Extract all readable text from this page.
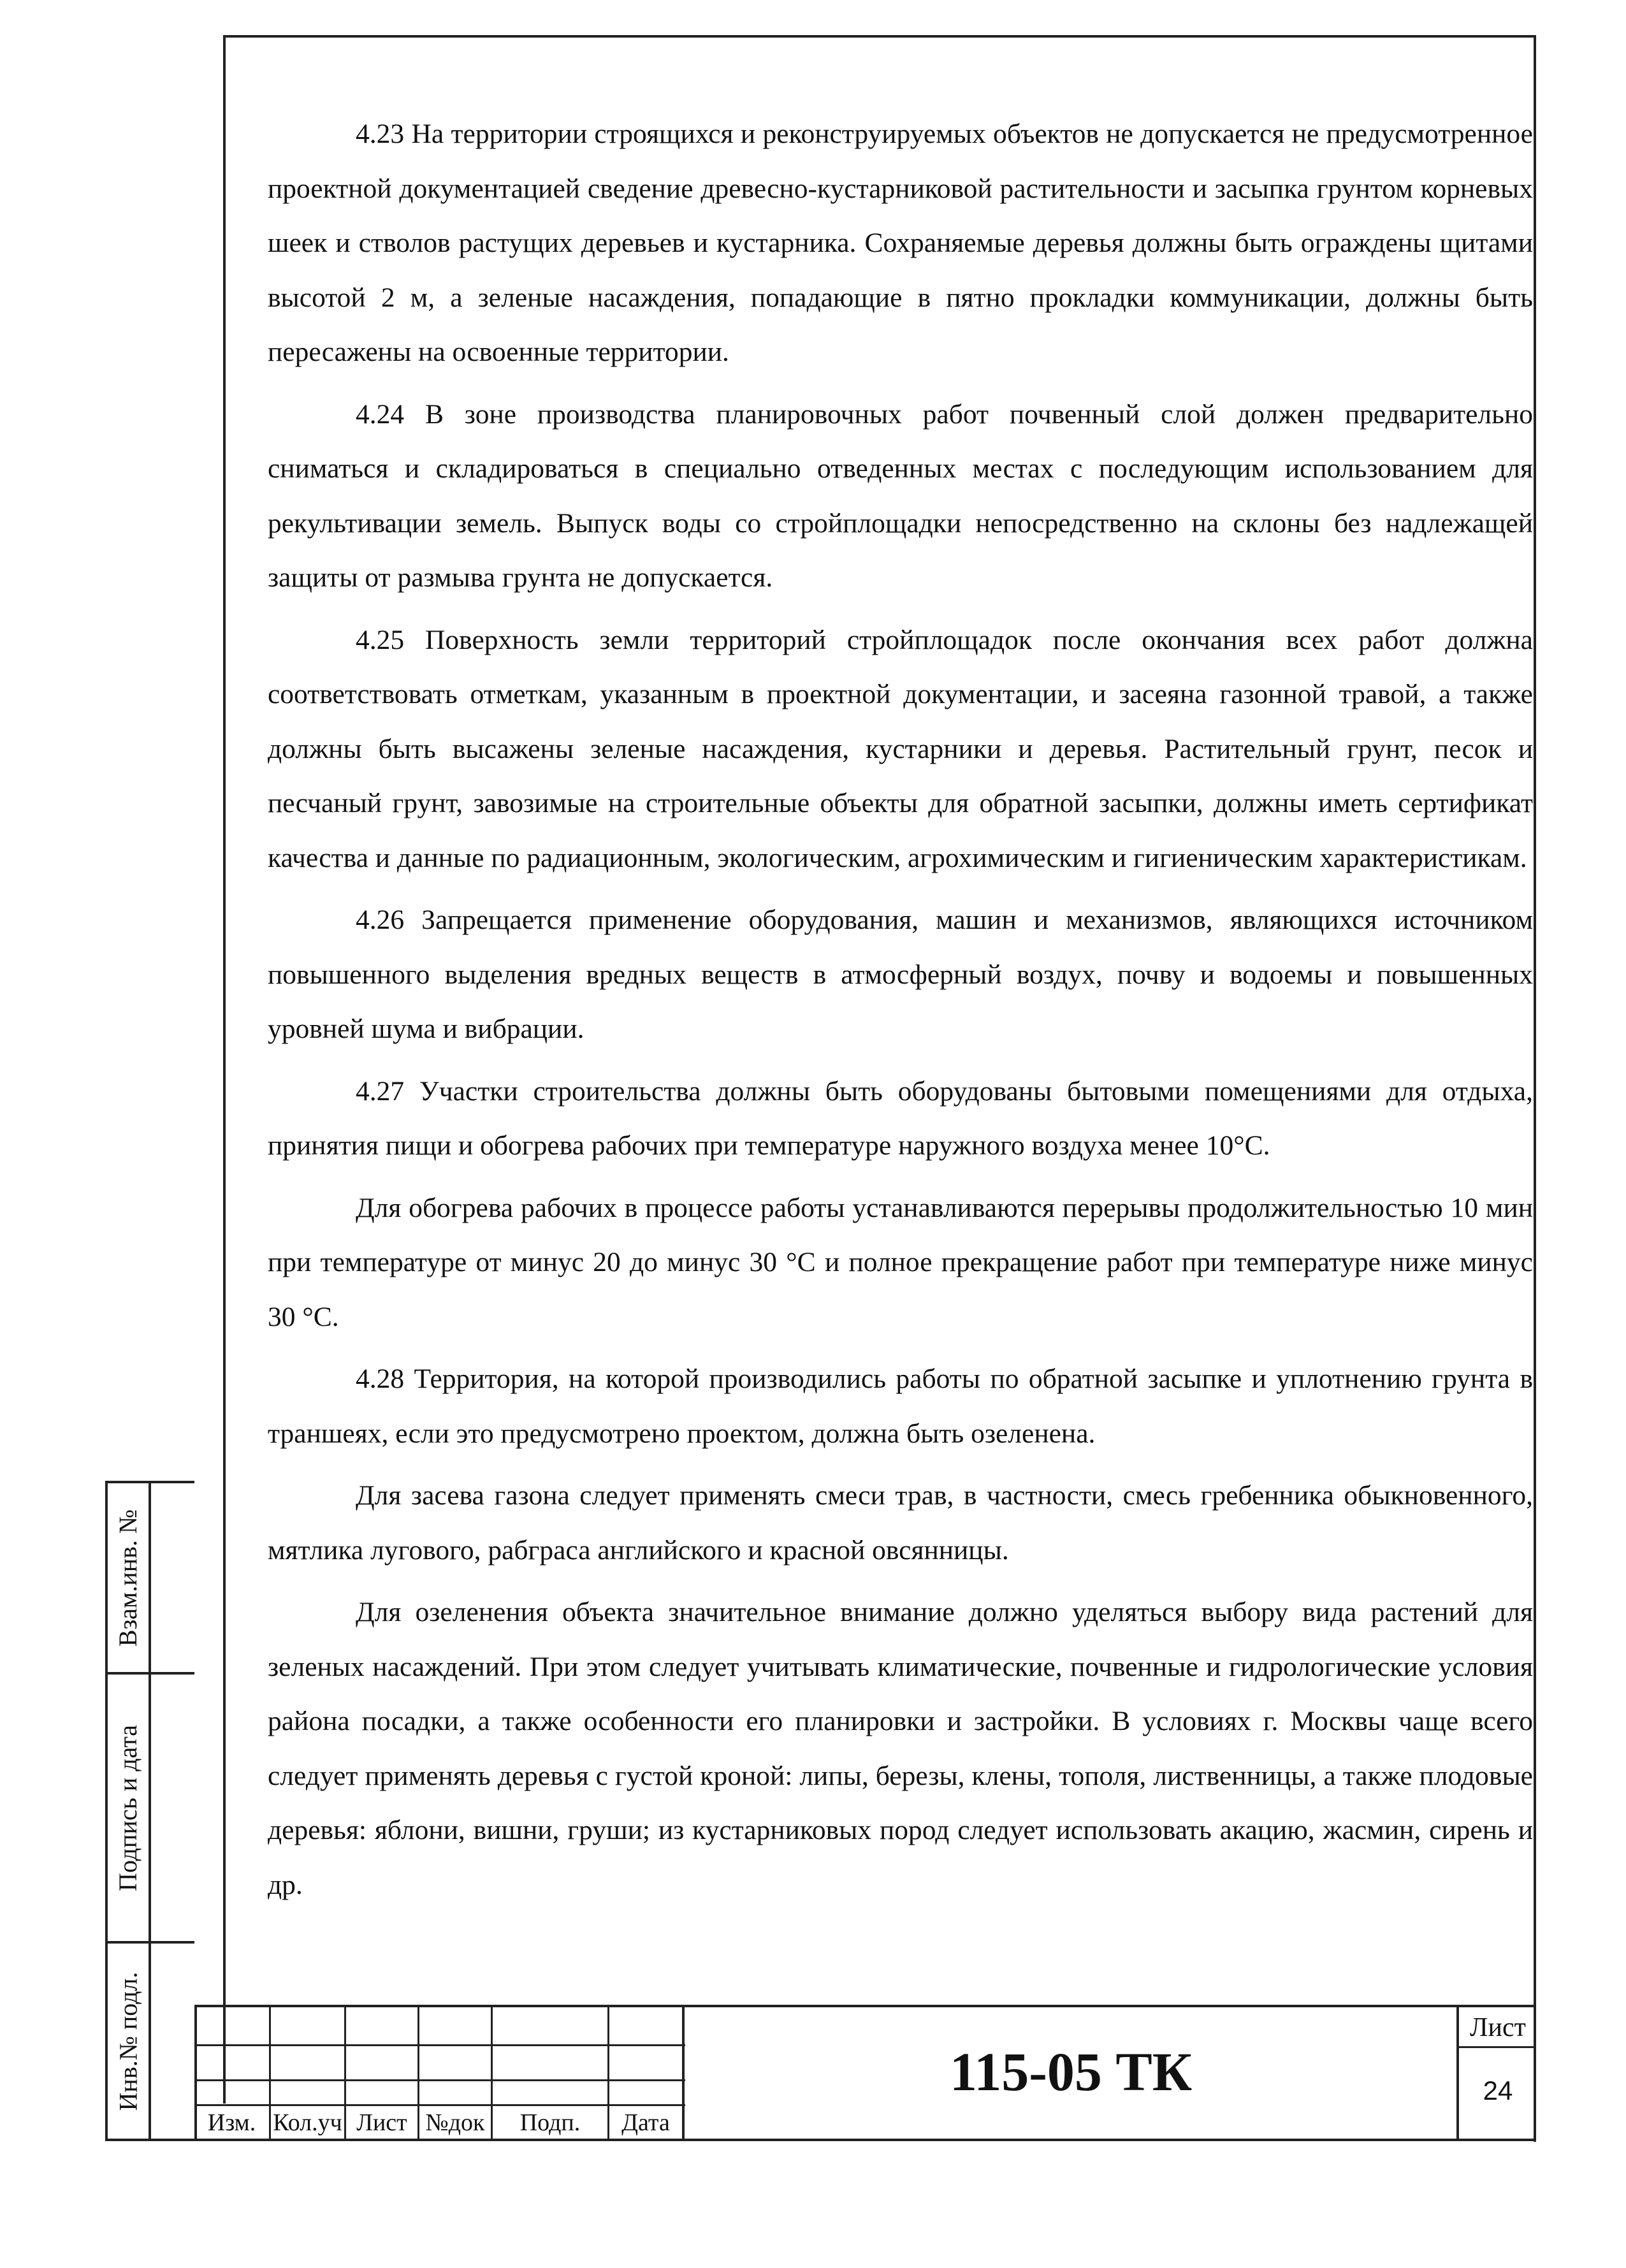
4.23 На территории строящихся и реконструируемых объектов не допускается не предусмотренное проектной документацией сведение древесно-кустарниковой растительности и засыпка грунтом корневых шеек и стволов растущих деревьев и кустарника. Сохраняемые деревья должны быть ограждены щитами высотой 2 м, а зеленые насаждения, попадающие в пятно прокладки коммуникации, должны быть пересажены на освоенные территории.

4.24 В зоне производства планировочных работ почвенный слой должен предварительно сниматься и складироваться в специально отведенных местах с последующим использованием для рекультивации земель. Выпуск воды со стройплощадки непосредственно на склоны без надлежащей защиты от размыва грунта не допускается.

4.25 Поверхность земли территорий стройплощадок после окончания всех работ должна соответствовать отметкам, указанным в проектной документации, и засеяна газонной травой, а также должны быть высажены зеленые насаждения, кустарники и деревья. Растительный грунт, песок и песчаный грунт, завозимые на строительные объекты для обратной засыпки, должны иметь сертификат качества и данные по радиационным, экологическим, агрохимическим и гигиеническим характеристикам.

4.26 Запрещается применение оборудования, машин и механизмов, являющихся источником повышенного выделения вредных веществ в атмосферный воздух, почву и водоемы и повышенных уровней шума и вибрации.

4.27 Участки строительства должны быть оборудованы бытовыми помещениями для отдыха, принятия пищи и обогрева рабочих при температуре наружного воздуха менее 10°С.

Для обогрева рабочих в процессе работы устанавливаются перерывы продолжительностью 10 мин при температуре от минус 20 до минус 30 °С и полное прекращение работ при температуре ниже минус 30 °С.

4.28 Территория, на которой производились работы по обратной засыпке и уплотнению грунта в траншеях, если это предусмотрено проектом, должна быть озеленена.

Для засева газона следует применять смеси трав, в частности, смесь гребенника обыкновенного, мятлика лугового, рабграса английского и красной овсянницы.

Для озеленения объекта значительное внимание должно уделяться выбору вида растений для зеленых насаждений. При этом следует учитывать климатические, почвенные и гидрологические условия района посадки, а также особенности его планировки и застройки. В условиях г. Москвы чаще всего следует применять деревья с густой кроной: липы, березы, клены, тополя, лиственницы, а также плодовые деревья: яблони, вишни, груши; из кустарниковых пород следует использовать акацию, жасмин, сирень и др.

Взам.инв. №
Подпись и дата
Инв.№ подл.
Изм. Кол.уч Лист №док	Подп.	Дата
115-05 ТК
Лист
24
